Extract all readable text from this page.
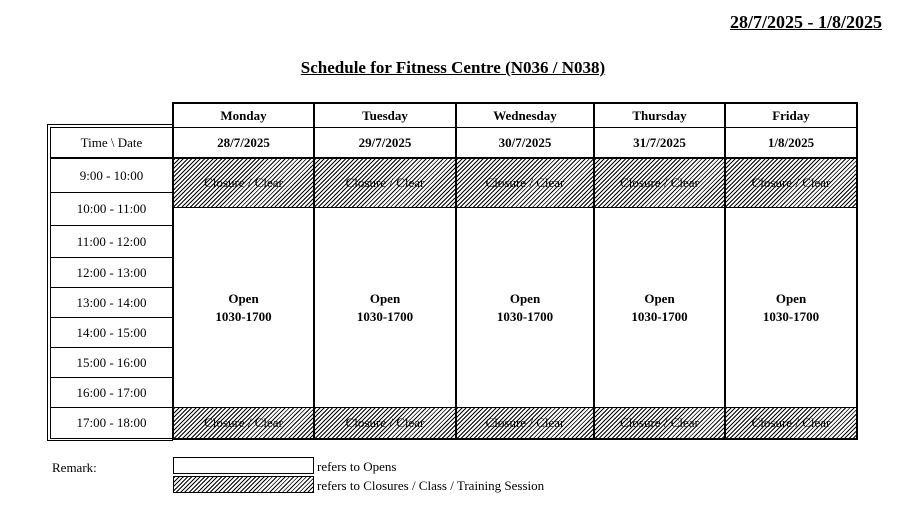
28/7/2025 - 1/8/2025
Schedule for Fitness Centre (N036 / N038)
Time \ Date
Monday
28/7/2025
Tuesday
29/7/2025
Wednesday
30/7/2025
Thursday
31/7/2025
Friday
1/8/2025
9:00 - 10:00
10:00 - 11:00
11:00 - 12:00
12:00 - 13:00
13:00 - 14:00
14:00 - 15:00
15:00 - 16:00
16:00 - 17:00
17:00 - 18:00
Closure / Clear
Open
1030-1700
Closure / Clear
Closure / Clear
Open
1030-1700
Closure / Clear
Closure / Clear
Open
1030-1700
Closure / Clear
Closure / Clear
Open
1030-1700
Closure / Clear
Closure / Clear
Open
1030-1700
Closure / Clear
Remark:	refers to Opens
refers to Closures / Class / Training Session
